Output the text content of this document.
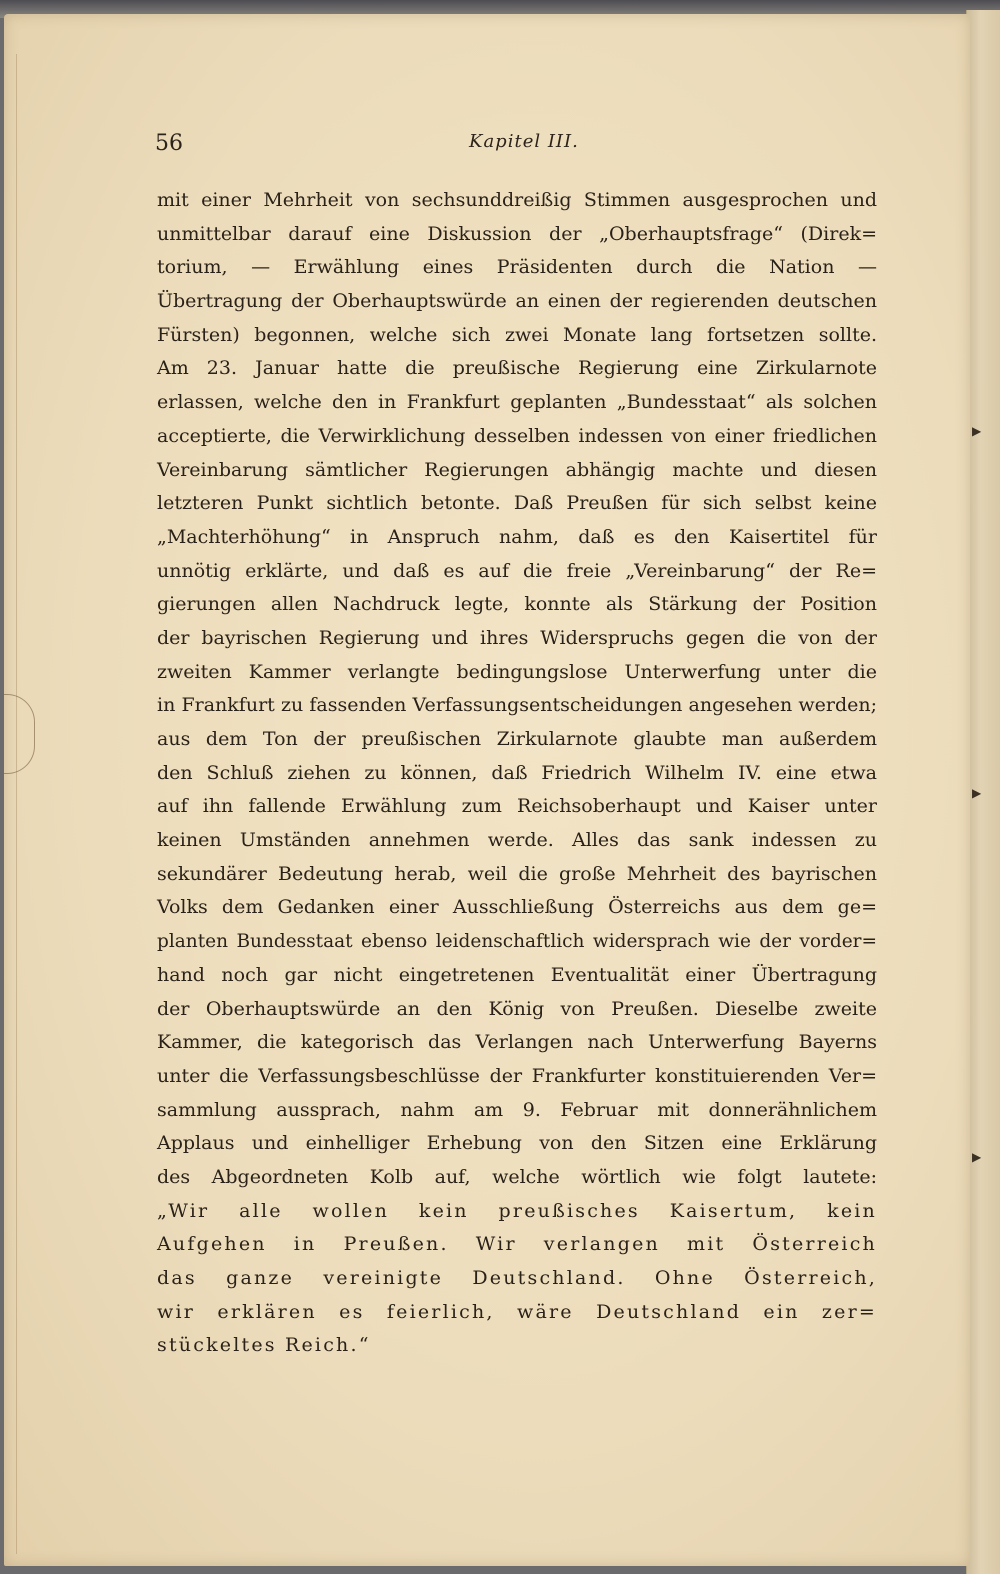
▶
▶
▶
56	Kapitel III.
mit einer Mehrheit von sechsunddreißig Stimmen ausgesprochen und
unmittelbar darauf eine Diskussion der „Oberhauptsfrage“ (Direk=
torium, — Erwählung eines Präsidenten durch die Nation —
Übertragung der Oberhauptswürde an einen der regierenden deutschen
Fürsten) begonnen, welche sich zwei Monate lang fortsetzen sollte.
Am 23. Januar hatte die preußische Regierung eine Zirkularnote
erlassen, welche den in Frankfurt geplanten „Bundesstaat“ als solchen
acceptierte, die Verwirklichung desselben indessen von einer friedlichen
Vereinbarung sämtlicher Regierungen abhängig machte und diesen
letzteren Punkt sichtlich betonte. Daß Preußen für sich selbst keine
„Machterhöhung“ in Anspruch nahm, daß es den Kaisertitel für
unnötig erklärte, und daß es auf die freie „Vereinbarung“ der Re=
gierungen allen Nachdruck legte, konnte als Stärkung der Position
der bayrischen Regierung und ihres Widerspruchs gegen die von der
zweiten Kammer verlangte bedingungslose Unterwerfung unter die
in Frankfurt zu fassenden Verfassungsentscheidungen angesehen werden;
aus dem Ton der preußischen Zirkularnote glaubte man außerdem
den Schluß ziehen zu können, daß Friedrich Wilhelm IV. eine etwa
auf ihn fallende Erwählung zum Reichsoberhaupt und Kaiser unter
keinen Umständen annehmen werde. Alles das sank indessen zu
sekundärer Bedeutung herab, weil die große Mehrheit des bayrischen
Volks dem Gedanken einer Ausschließung Österreichs aus dem ge=
planten Bundesstaat ebenso leidenschaftlich widersprach wie der vorder=
hand noch gar nicht eingetretenen Eventualität einer Übertragung
der Oberhauptswürde an den König von Preußen. Dieselbe zweite
Kammer, die kategorisch das Verlangen nach Unterwerfung Bayerns
unter die Verfassungsbeschlüsse der Frankfurter konstituierenden Ver=
sammlung aussprach, nahm am 9. Februar mit donnerähnlichem
Applaus und einhelliger Erhebung von den Sitzen eine Erklärung
des Abgeordneten Kolb auf, welche wörtlich wie folgt lautete:
„Wir alle wollen kein preußisches Kaisertum, kein
Aufgehen in Preußen. Wir verlangen mit Österreich
das ganze vereinigte Deutschland. Ohne Österreich,
wir erklären es feierlich, wäre Deutschland ein zer=
stückeltes Reich.“
